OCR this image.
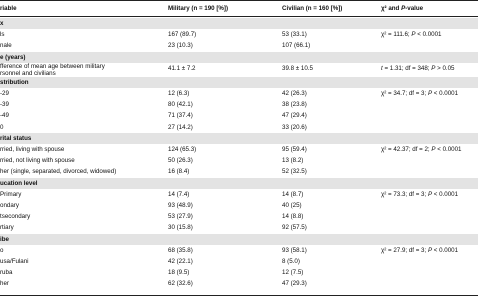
riable	Military (n = 190 [%])	Civilian (n = 160 [%])	χ² and P-value
x
ls	167 (89.7)	53 (33.1)	χ² = 111.6; P < 0.0001
nale	23 (10.3)	107 (66.1)
e (years)
fference of mean age between military
rsonnel and civilians
41.1 ± 7.2	39.8 ± 10.5	t = 1.31; df = 348; P > 0.05
stribution
-29	12 (6.3)	42 (26.3)	χ² = 34.7; df = 3; P < 0.0001
-39	80 (42.1)	38 (23.8)
-49	71 (37.4)	47 (29.4)
0	27 (14.2)	33 (20.6)
rital status
rried, living with spouse	124 (65.3)	95 (59.4)	χ² = 42.37; df = 2; P < 0.0001
rried, not living with spouse	50 (26.3)	13 (8.2)
her (single, separated, divorced, widowed)	16 (8.4)	52 (32.5)
ucation level
Primary	14 (7.4)	14 (8.7)	χ² = 73.3; df = 3; P < 0.0001
ondary	93 (48.9)	40 (25)
tsecondary	53 (27.9)	14 (8.8)
rtiary	30 (15.8)	92 (57.5)
ibe
o	68 (35.8)	93 (58.1)	χ² = 27.9; df = 3; P < 0.0001
usa/Fulani	42 (22.1)	8 (5.0)
ruba	18 (9.5)	12 (7.5)
her	62 (32.6)	47 (29.3)
